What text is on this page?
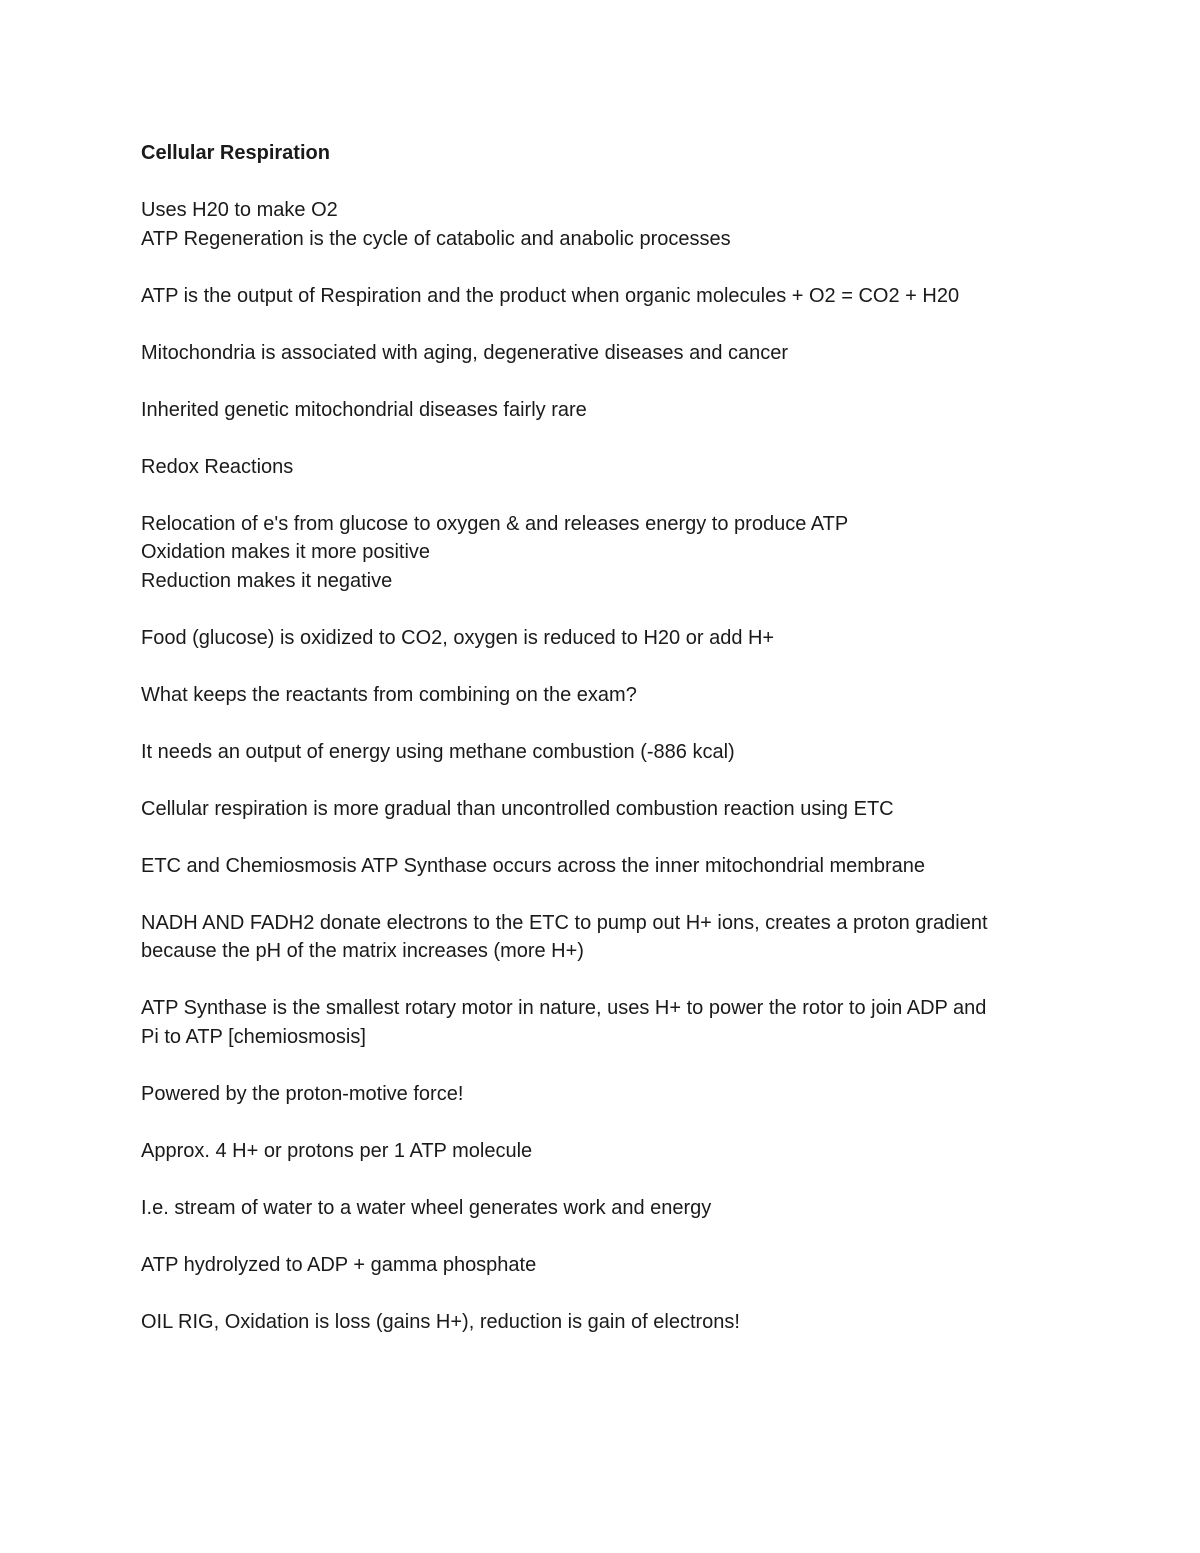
Cellular Respiration

Uses H20 to make O2

ATP Regeneration is the cycle of catabolic and anabolic processes

ATP is the output of Respiration and the product when organic molecules + O2 = CO2 + H20

Mitochondria is associated with aging, degenerative diseases and cancer

Inherited genetic mitochondrial diseases fairly rare

Redox Reactions

Relocation of e's from glucose to oxygen & and releases energy to produce ATP

Oxidation makes it more positive

Reduction makes it negative

Food (glucose) is oxidized to CO2, oxygen is reduced to H20 or add H+

What keeps the reactants from combining on the exam?

It needs an output of energy using methane combustion (-886 kcal)

Cellular respiration is more gradual than uncontrolled combustion reaction using ETC

ETC and Chemiosmosis ATP Synthase occurs across the inner mitochondrial membrane

NADH AND FADH2 donate electrons to the ETC to pump out H+ ions, creates a proton gradient

because the pH of the matrix increases (more H+)

ATP Synthase is the smallest rotary motor in nature, uses H+ to power the rotor to join ADP and

Pi to ATP [chemiosmosis]

Powered by the proton-motive force!

Approx. 4 H+ or protons per 1 ATP molecule

I.e. stream of water to a water wheel generates work and energy

ATP hydrolyzed to ADP + gamma phosphate

OIL RIG, Oxidation is loss (gains H+), reduction is gain of electrons!
